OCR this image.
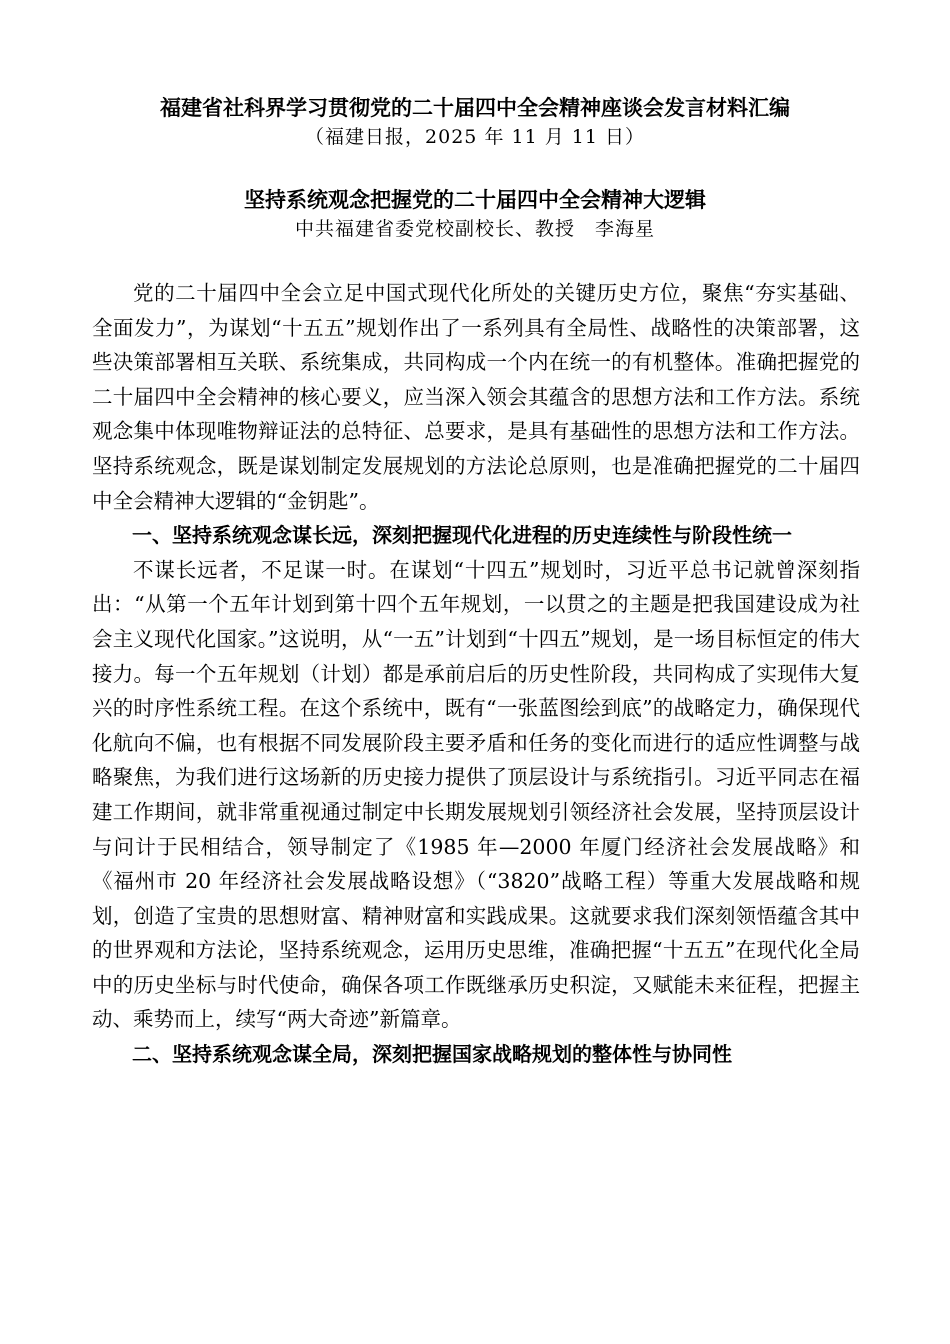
福建省社科界学习贯彻党的二十届四中全会精神座谈会发言材料汇编
（福建日报，2025 年 11 月 11 日）
坚持系统观念把握党的二十届四中全会精神大逻辑
中共福建省委党校副校长、教授　李海星

党的二十届四中全会立足中国式现代化所处的关键历史方位，聚焦“夯实基础、全面发力”，为谋划“十五五”规划作出了一系列具有全局性、战略性的决策部署，这些决策部署相互关联、系统集成，共同构成一个内在统一的有机整体。准确把握党的二十届四中全会精神的核心要义，应当深入领会其蕴含的思想方法和工作方法。系统观念集中体现唯物辩证法的总特征、总要求，是具有基础性的思想方法和工作方法。坚持系统观念，既是谋划制定发展规划的方法论总原则，也是准确把握党的二十届四中全会精神大逻辑的“金钥匙”。

一、坚持系统观念谋长远，深刻把握现代化进程的历史连续性与阶段性统一

不谋长远者，不足谋一时。在谋划“十四五”规划时，习近平总书记就曾深刻指出：“从第一个五年计划到第十四个五年规划，一以贯之的主题是把我国建设成为社会主义现代化国家。”这说明，从“一五”计划到“十四五”规划，是一场目标恒定的伟大接力。每一个五年规划（计划）都是承前启后的历史性阶段，共同构成了实现伟大复兴的时序性系统工程。在这个系统中，既有“一张蓝图绘到底”的战略定力，确保现代化航向不偏，也有根据不同发展阶段主要矛盾和任务的变化而进行的适应性调整与战略聚焦，为我们进行这场新的历史接力提供了顶层设计与系统指引。习近平同志在福建工作期间，就非常重视通过制定中长期发展规划引领经济社会发展，坚持顶层设计与问计于民相结合，领导制定了《1985 年—2000 年厦门经济社会发展战略》和《福州市 20 年经济社会发展战略设想》（“3820”战略工程）等重大发展战略和规划，创造了宝贵的思想财富、精神财富和实践成果。这就要求我们深刻领悟蕴含其中的世界观和方法论，坚持系统观念，运用历史思维，准确把握“十五五”在现代化全局中的历史坐标与时代使命，确保各项工作既继承历史积淀，又赋能未来征程，把握主动、乘势而上，续写“两大奇迹”新篇章。

二、坚持系统观念谋全局，深刻把握国家战略规划的整体性与协同性
